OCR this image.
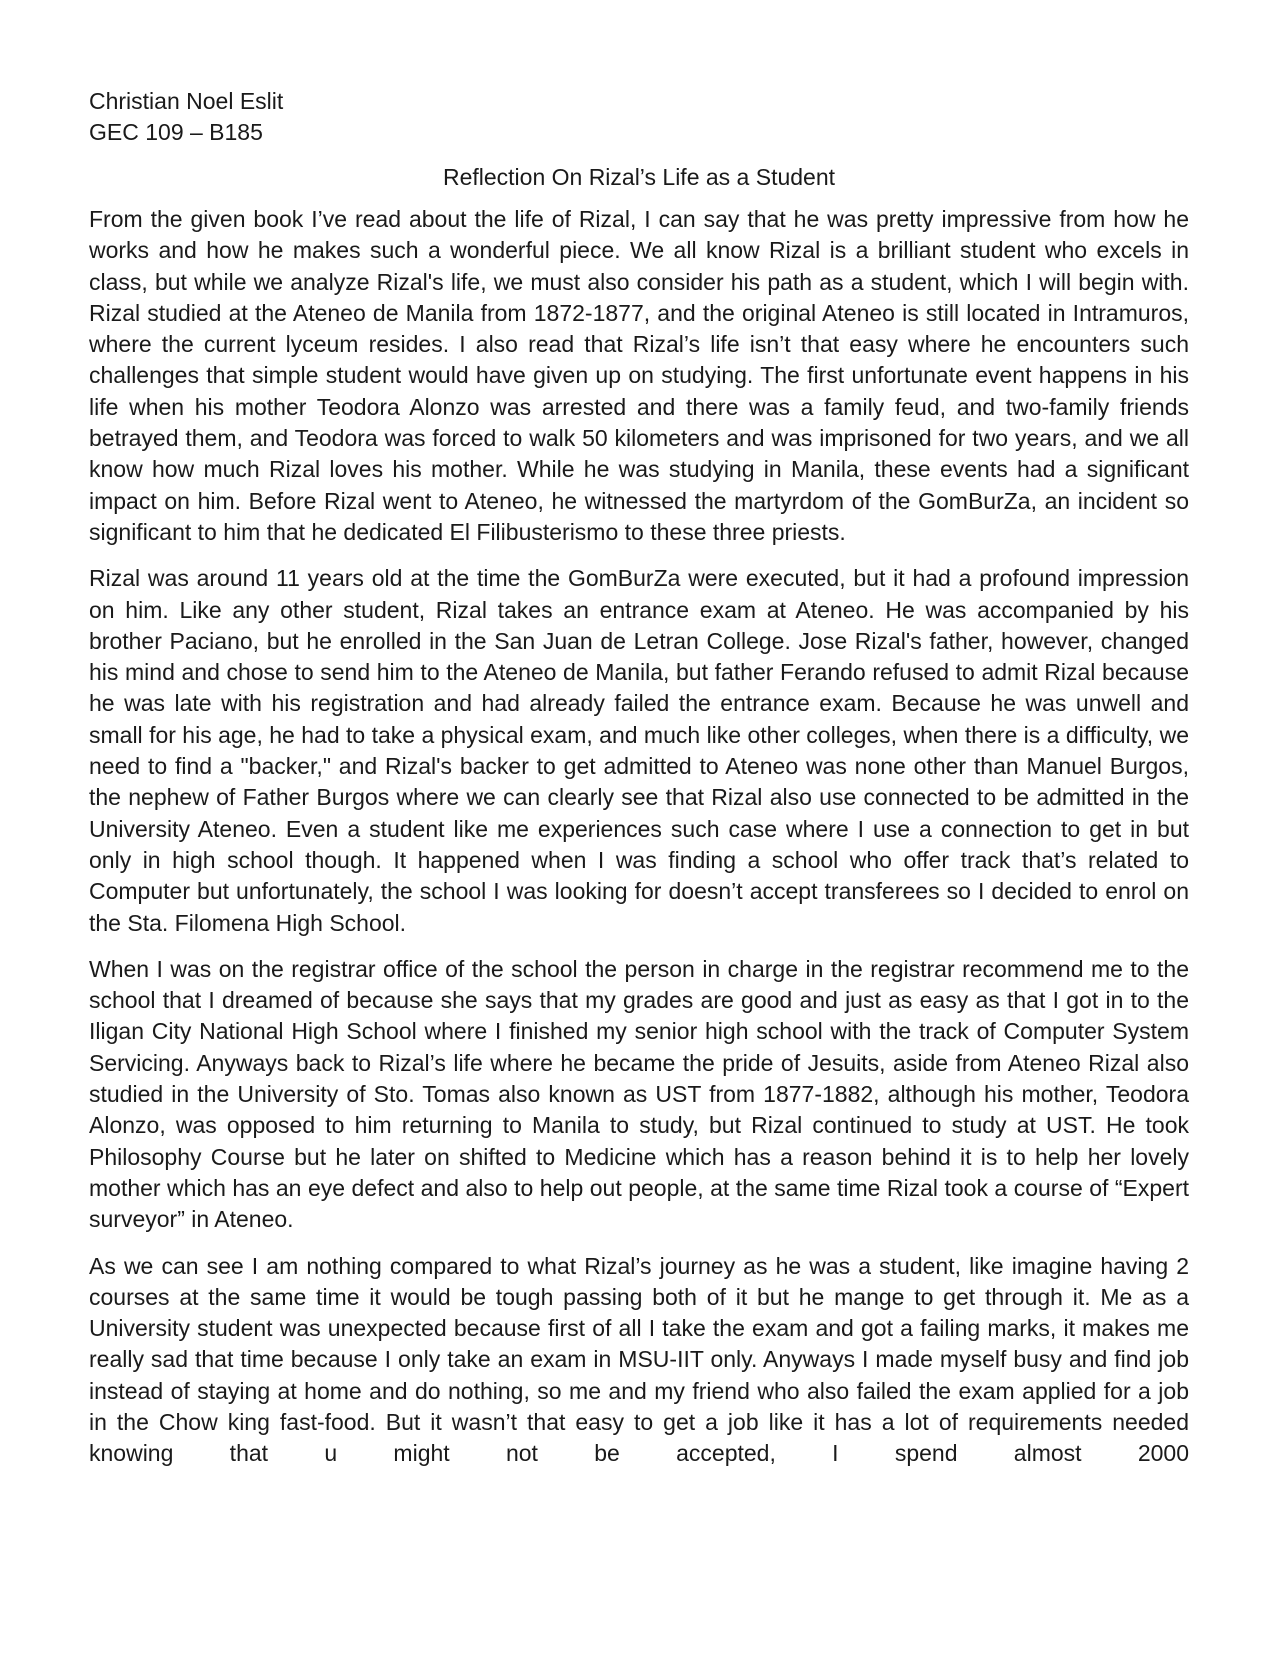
Christian Noel Eslit

GEC 109 – B185

Reflection On Rizal’s Life as a Student

From the given book I’ve read about the life of Rizal, I can say that he was pretty impressive from how he works and how he makes such a wonderful piece. We all know Rizal is a brilliant student who excels in class, but while we analyze Rizal's life, we must also consider his path as a student, which I will begin with. Rizal studied at the Ateneo de Manila from 1872-1877, and the original Ateneo is still located in Intramuros, where the current lyceum resides. I also read that Rizal’s life isn’t that easy where he encounters such challenges that simple student would have given up on studying. The first unfortunate event happens in his life when his mother Teodora Alonzo was arrested and there was a family feud, and two-family friends betrayed them, and Teodora was forced to walk 50 kilometers and was imprisoned for two years, and we all know how much Rizal loves his mother. While he was studying in Manila, these events had a significant impact on him. Before Rizal went to Ateneo, he witnessed the martyrdom of the GomBurZa, an incident so significant to him that he dedicated El Filibusterismo to these three priests.

Rizal was around 11 years old at the time the GomBurZa were executed, but it had a profound impression on him. Like any other student, Rizal takes an entrance exam at Ateneo. He was accompanied by his brother Paciano, but he enrolled in the San Juan de Letran College. Jose Rizal's father, however, changed his mind and chose to send him to the Ateneo de Manila, but father Ferando refused to admit Rizal because he was late with his registration and had already failed the entrance exam. Because he was unwell and small for his age, he had to take a physical exam, and much like other colleges, when there is a difficulty, we need to find a "backer," and Rizal's backer to get admitted to Ateneo was none other than Manuel Burgos, the nephew of Father Burgos where we can clearly see that Rizal also use connected to be admitted in the University Ateneo. Even a student like me experiences such case where I use a connection to get in but only in high school though. It happened when I was finding a school who offer track that’s related to Computer but unfortunately, the school I was looking for doesn’t accept transferees so I decided to enrol on the Sta. Filomena High School.

When I was on the registrar office of the school the person in charge in the registrar recommend me to the school that I dreamed of because she says that my grades are good and just as easy as that I got in to the Iligan City National High School where I finished my senior high school with the track of Computer System Servicing. Anyways back to Rizal’s life where he became the pride of Jesuits, aside from Ateneo Rizal also studied in the University of Sto. Tomas also known as UST from 1877-1882, although his mother, Teodora Alonzo, was opposed to him returning to Manila to study, but Rizal continued to study at UST. He took Philosophy Course but he later on shifted to Medicine which has a reason behind it is to help her lovely mother which has an eye defect and also to help out people, at the same time Rizal took a course of “Expert surveyor” in Ateneo.

As we can see I am nothing compared to what Rizal’s journey as he was a student, like imagine having 2 courses at the same time it would be tough passing both of it but he mange to get through it. Me as a University student was unexpected because first of all I take the exam and got a failing marks, it makes me really sad that time because I only take an exam in MSU-IIT only. Anyways I made myself busy and find job instead of staying at home and do nothing, so me and my friend who also failed the exam applied for a job in the Chow king fast-food. But it wasn’t that easy to get a job like it has a lot of requirements needed knowing that u might not be accepted, I spend almost 2000
